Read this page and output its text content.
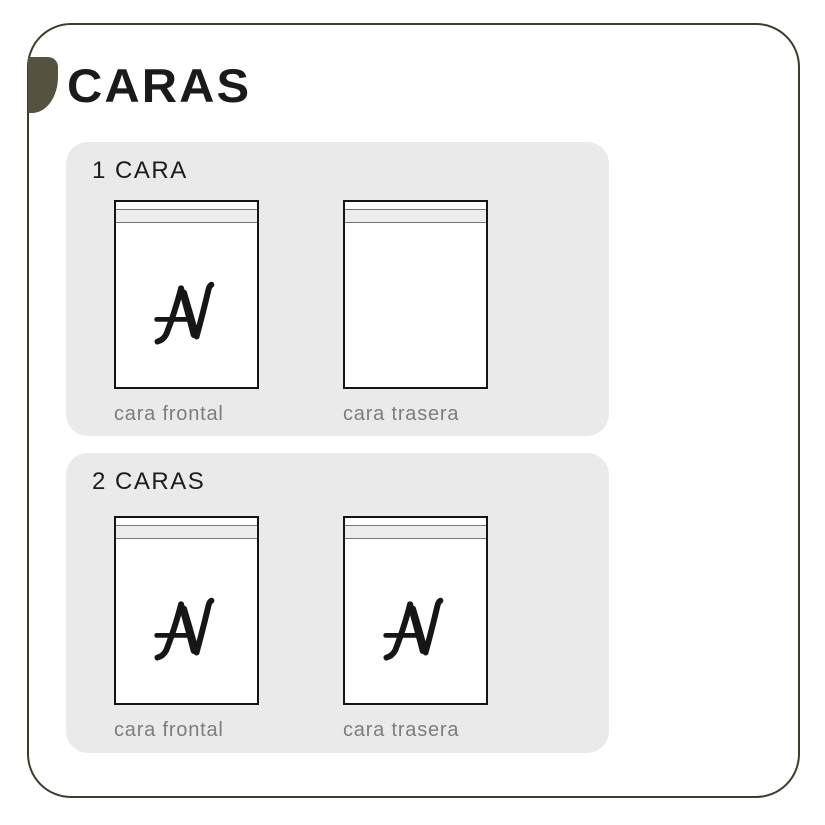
CARAS
1 CARA
cara frontal	cara trasera
2 CARAS
cara frontal	cara trasera
